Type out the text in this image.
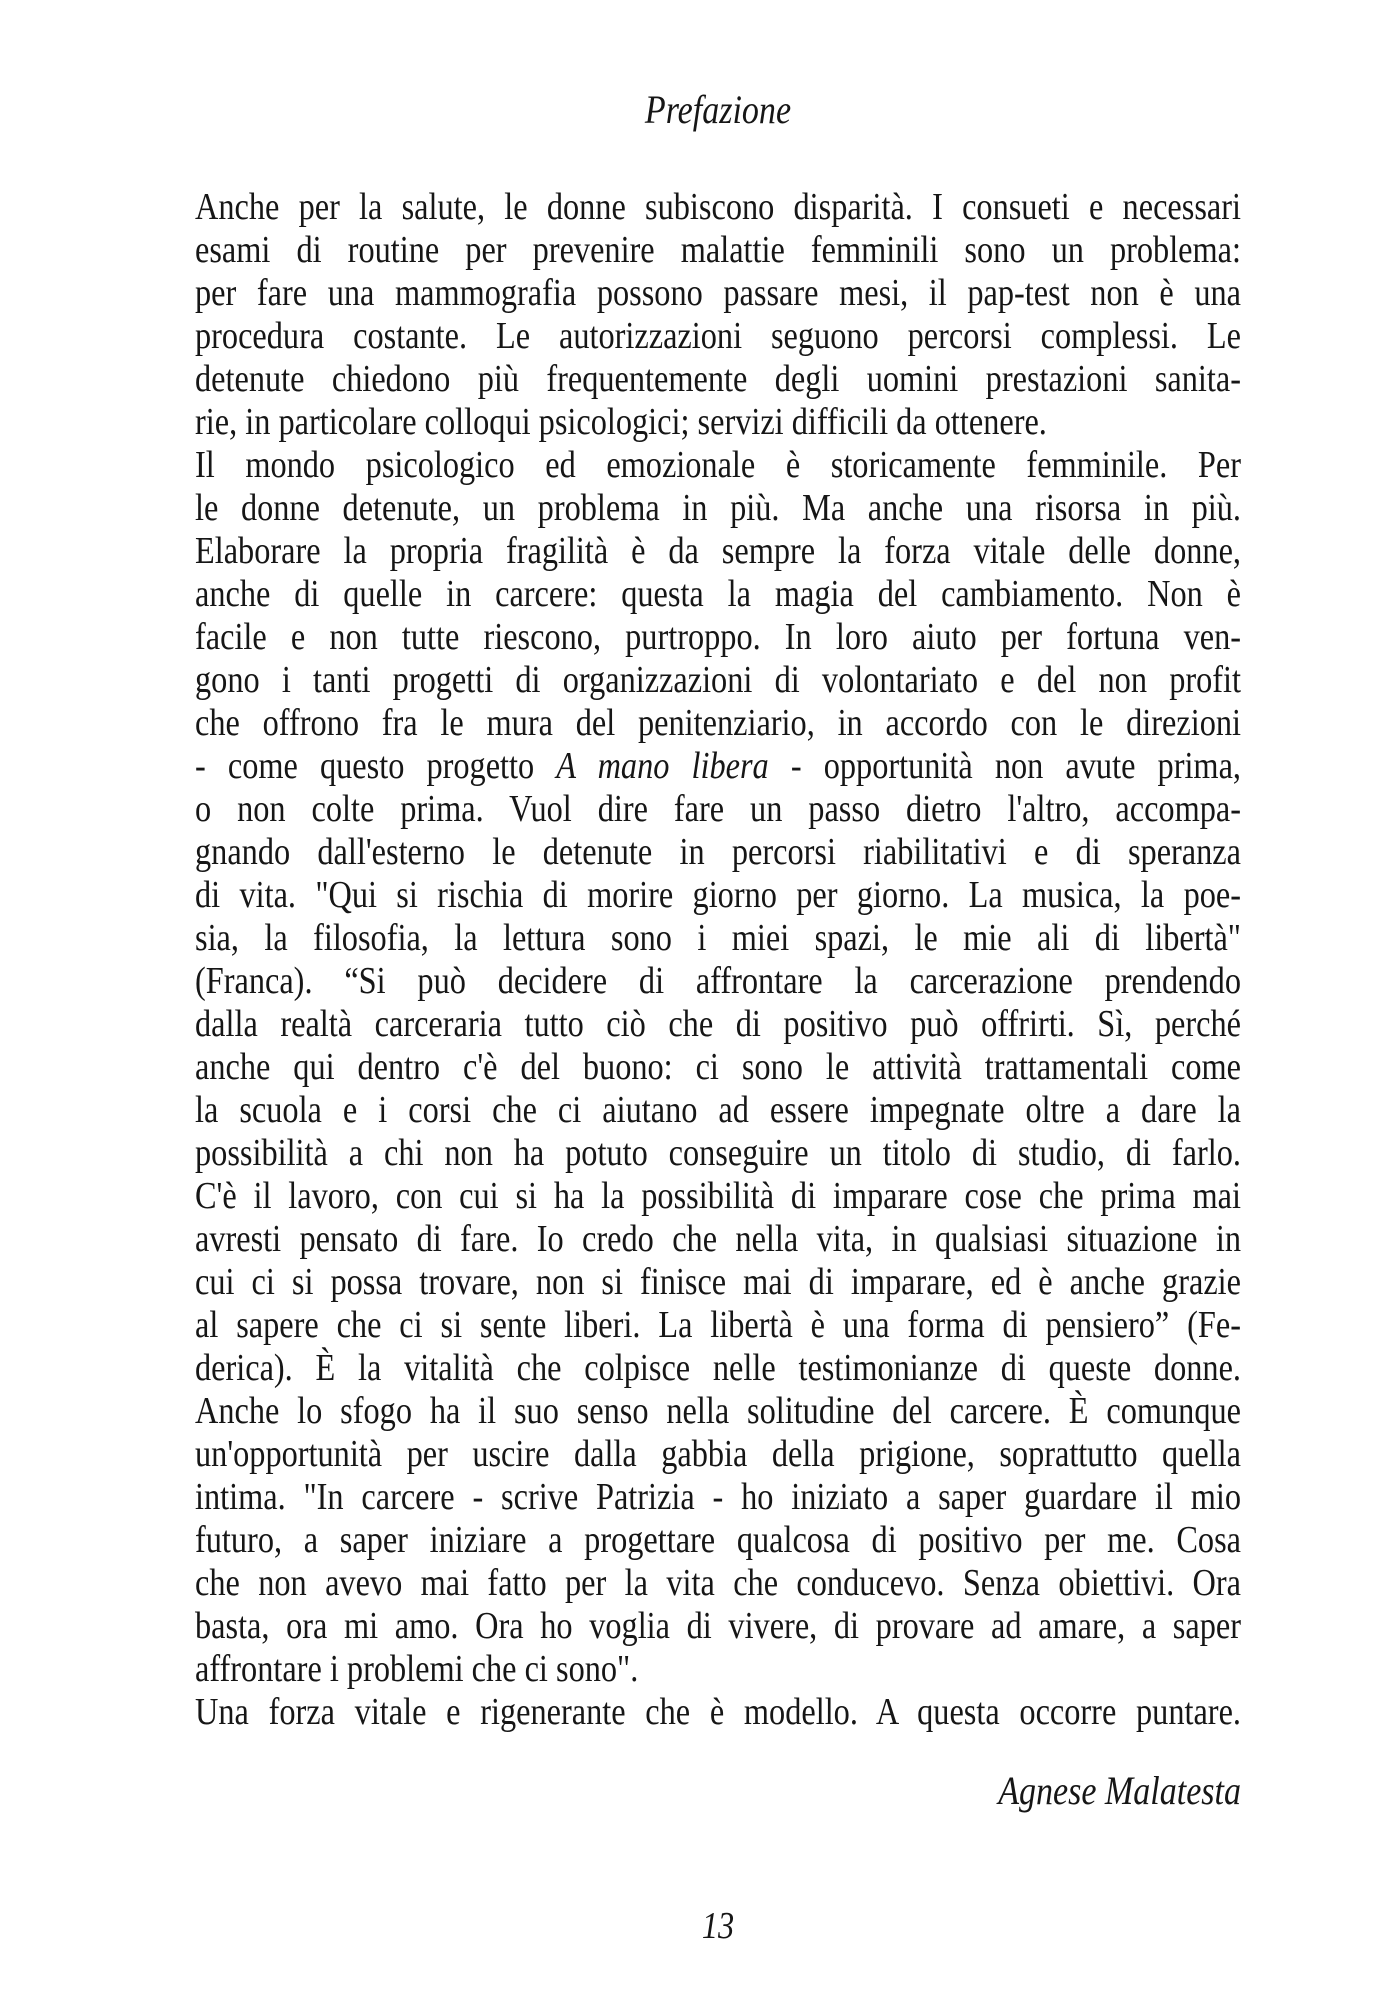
Prefazione
Anche per la salute, le donne subiscono disparità. I consueti e necessari
esami di routine per prevenire malattie femminili sono un problema:
per fare una mammografia possono passare mesi, il pap-test non è una
procedura costante. Le autorizzazioni seguono percorsi complessi. Le
detenute chiedono più frequentemente degli uomini prestazioni sanita-
rie, in particolare colloqui psicologici; servizi difficili da ottenere.
Il mondo psicologico ed emozionale è storicamente femminile. Per
le donne detenute, un problema in più. Ma anche una risorsa in più.
Elaborare la propria fragilità è da sempre la forza vitale delle donne,
anche di quelle in carcere: questa la magia del cambiamento. Non è
facile e non tutte riescono, purtroppo. In loro aiuto per fortuna ven-
gono i tanti progetti di organizzazioni di volontariato e del non profit
che offrono fra le mura del penitenziario, in accordo con le direzioni
- come questo progetto A mano libera - opportunità non avute prima,
o non colte prima. Vuol dire fare un passo dietro l'altro, accompa-
gnando dall'esterno le detenute in percorsi riabilitativi e di speranza
di vita. "Qui si rischia di morire giorno per giorno. La musica, la poe-
sia, la filosofia, la lettura sono i miei spazi, le mie ali di libertà"
(Franca). “Si può decidere di affrontare la carcerazione prendendo
dalla realtà carceraria tutto ciò che di positivo può offrirti. Sì, perché
anche qui dentro c'è del buono: ci sono le attività trattamentali come
la scuola e i corsi che ci aiutano ad essere impegnate oltre a dare la
possibilità a chi non ha potuto conseguire un titolo di studio, di farlo.
C'è il lavoro, con cui si ha la possibilità di imparare cose che prima mai
avresti pensato di fare. Io credo che nella vita, in qualsiasi situazione in
cui ci si possa trovare, non si finisce mai di imparare, ed è anche grazie
al sapere che ci si sente liberi. La libertà è una forma di pensiero” (Fe-
derica). È la vitalità che colpisce nelle testimonianze di queste donne.
Anche lo sfogo ha il suo senso nella solitudine del carcere. È comunque
un'opportunità per uscire dalla gabbia della prigione, soprattutto quella
intima. "In carcere - scrive Patrizia - ho iniziato a saper guardare il mio
futuro, a saper iniziare a progettare qualcosa di positivo per me. Cosa
che non avevo mai fatto per la vita che conducevo. Senza obiettivi. Ora
basta, ora mi amo. Ora ho voglia di vivere, di provare ad amare, a saper
affrontare i problemi che ci sono".
Una forza vitale e rigenerante che è modello. A questa occorre puntare.
Agnese Malatesta
13
